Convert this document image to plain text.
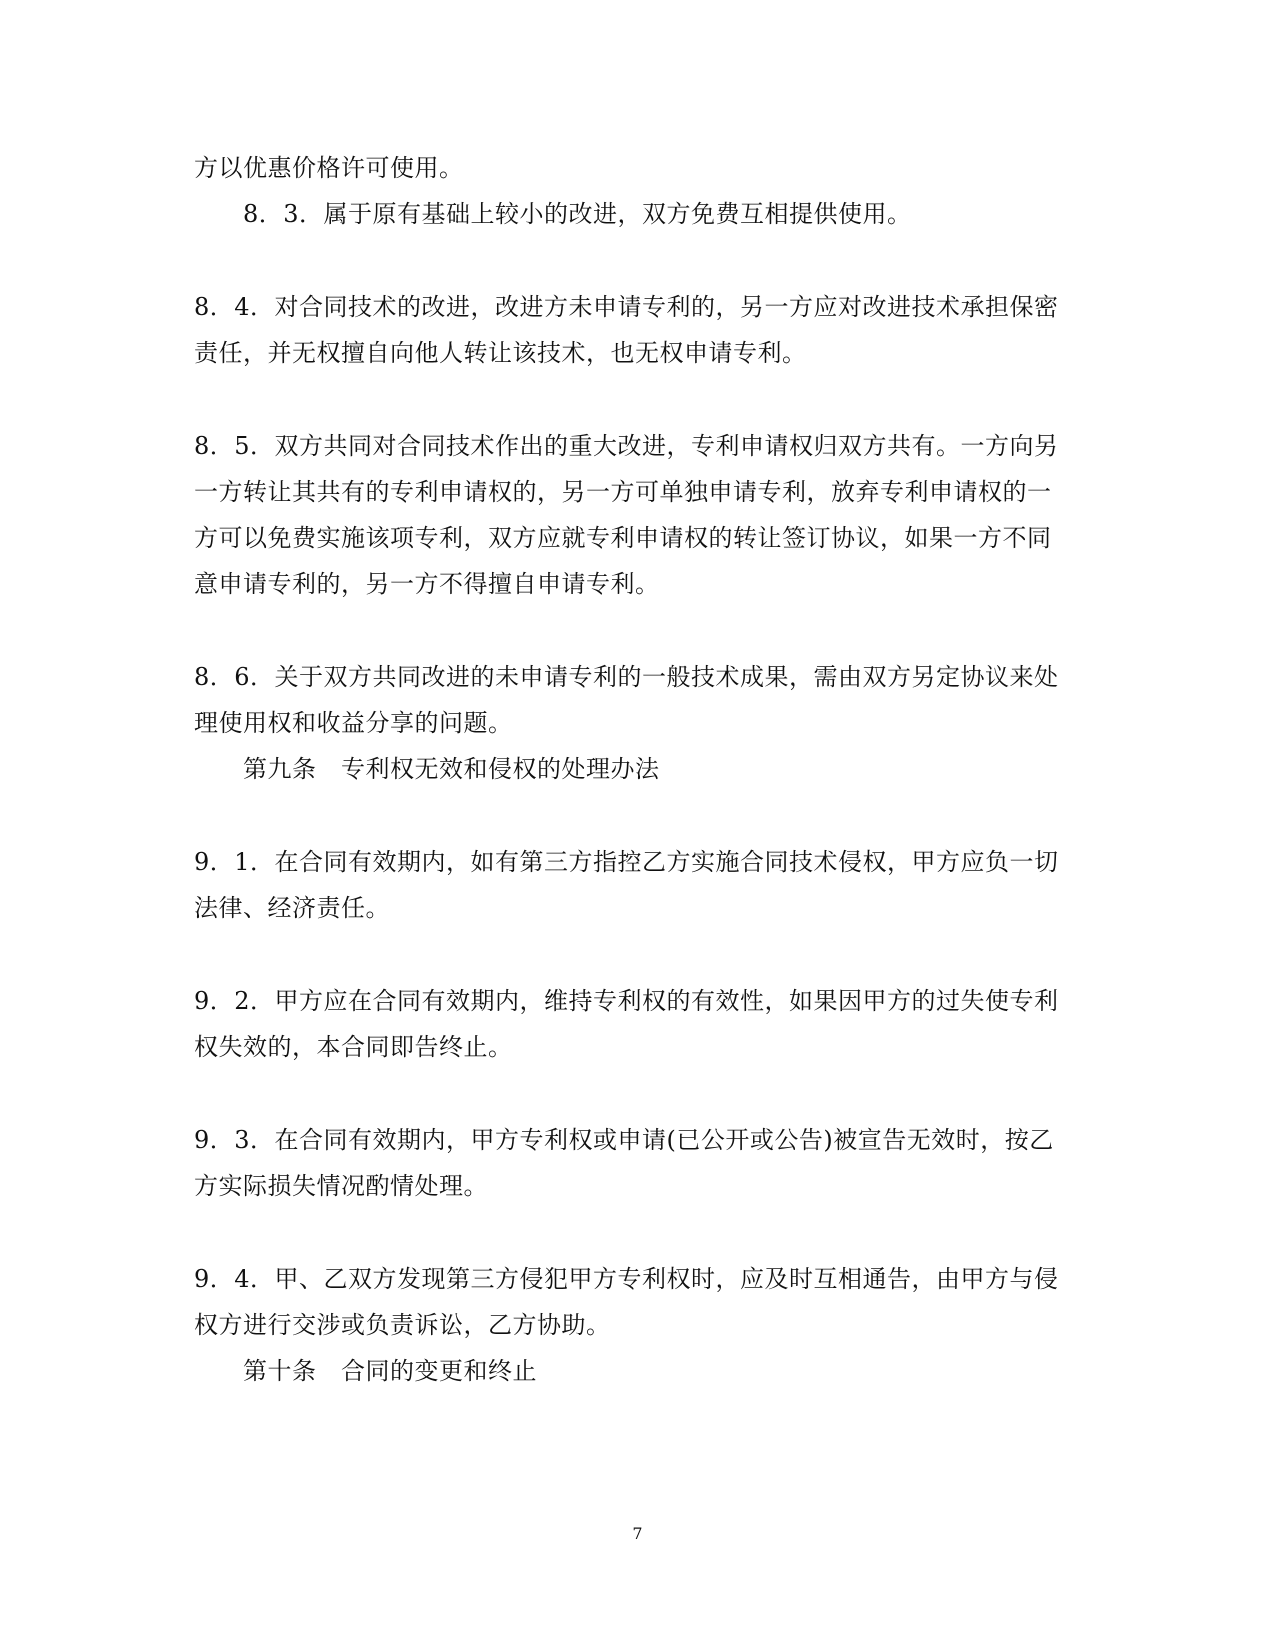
方以优惠价格许可使用。
8．3．属于原有基础上较小的改进，双方免费互相提供使用。
8．4．对合同技术的改进，改进方未申请专利的，另一方应对改进技术承担保密
责任，并无权擅自向他人转让该技术，也无权申请专利。
8．5．双方共同对合同技术作出的重大改进，专利申请权归双方共有。一方向另
一方转让其共有的专利申请权的，另一方可单独申请专利，放弃专利申请权的一
方可以免费实施该项专利，双方应就专利申请权的转让签订协议，如果一方不同
意申请专利的，另一方不得擅自申请专利。
8．6．关于双方共同改进的未申请专利的一般技术成果，需由双方另定协议来处
理使用权和收益分享的问题。
第九条　专利权无效和侵权的处理办法
9．1．在合同有效期内，如有第三方指控乙方实施合同技术侵权，甲方应负一切
法律、经济责任。
9．2．甲方应在合同有效期内，维持专利权的有效性，如果因甲方的过失使专利
权失效的，本合同即告终止。
9．3．在合同有效期内，甲方专利权或申请(已公开或公告)被宣告无效时，按乙
方实际损失情况酌情处理。
9．4．甲、乙双方发现第三方侵犯甲方专利权时，应及时互相通告，由甲方与侵
权方进行交涉或负责诉讼，乙方协助。
第十条　合同的变更和终止
7
